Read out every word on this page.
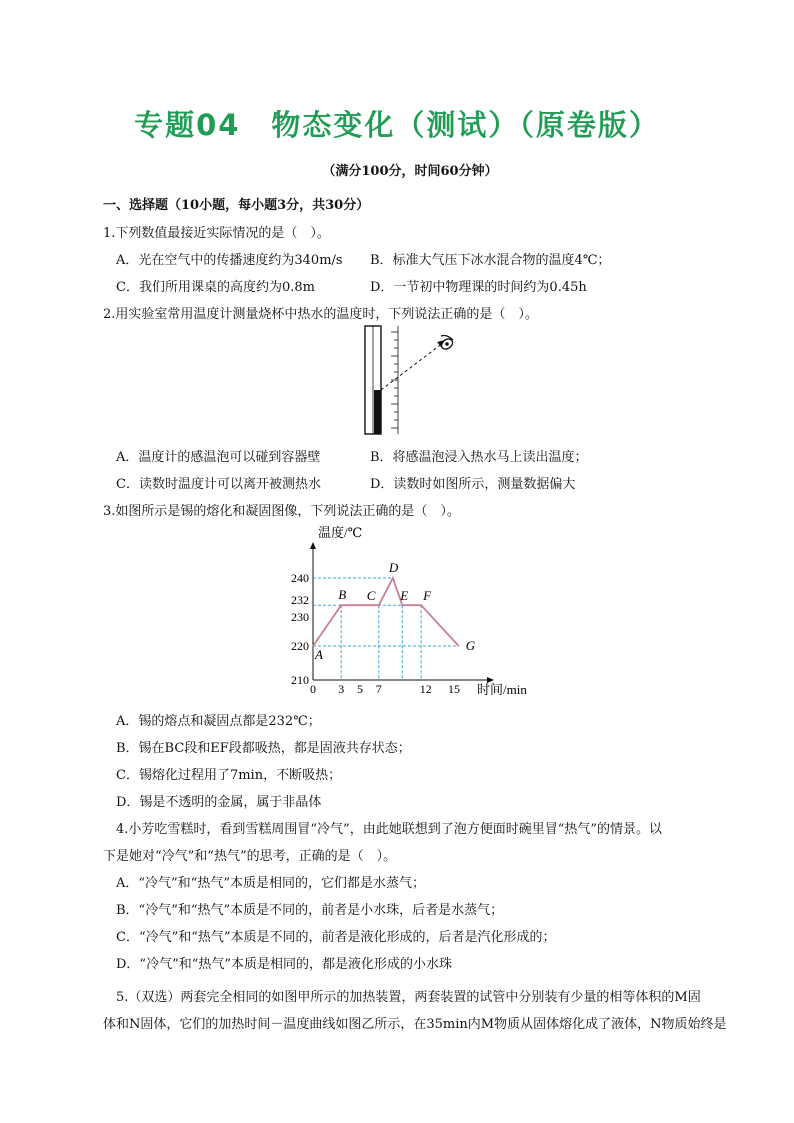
专题04　物态变化（测试）（原卷版）
（满分100分，时间60分钟）
一、选择题（10小题，每小题3分，共30分）
1.下列数值最接近实际情况的是（　）。
A．光在空气中的传播速度约为340m/s B．标准大气压下冰水混合物的温度4℃；
C．我们所用课桌的高度约为0.8m	D．一节初中物理课的时间约为0.45h
2.用实验室常用温度计测量烧杯中热水的温度时，下列说法正确的是（　）。
A．温度计的感温泡可以碰到容器壁	B．将感温泡浸入热水马上读出温度；
C．读数时温度计可以离开被测热水	D．读数时如图所示，测量数据偏大
3.如图所示是锡的熔化和凝固图像，下列说法正确的是（　）。
温度/℃
时间/min
A
B C
D
E F
G
0 3 5 7	12 15
210
220
230
232
240
A．锡的熔点和凝固点都是232℃；
B．锡在BC段和EF段都吸热，都是固液共存状态；
C．锡熔化过程用了7min，不断吸热；
D．锡是不透明的金属，属于非晶体
4.小芳吃雪糕时，看到雪糕周围冒“冷气”，由此她联想到了泡方便面时碗里冒“热气”的情景。以
下是她对“冷气”和“热气”的思考，正确的是（　）。
A．“冷气”和“热气”本质是相同的，它们都是水蒸气；
B．“冷气”和“热气”本质是不同的，前者是小水珠，后者是水蒸气；
C．“冷气”和“热气”本质是不同的，前者是液化形成的，后者是汽化形成的；
D．“冷气”和“热气”本质是相同的，都是液化形成的小水珠
5.（双选）两套完全相同的如图甲所示的加热装置，两套装置的试管中分别装有少量的相等体积的M固
体和N固体，它们的加热时间－温度曲线如图乙所示，在35min内M物质从固体熔化成了液体，N物质始终是
